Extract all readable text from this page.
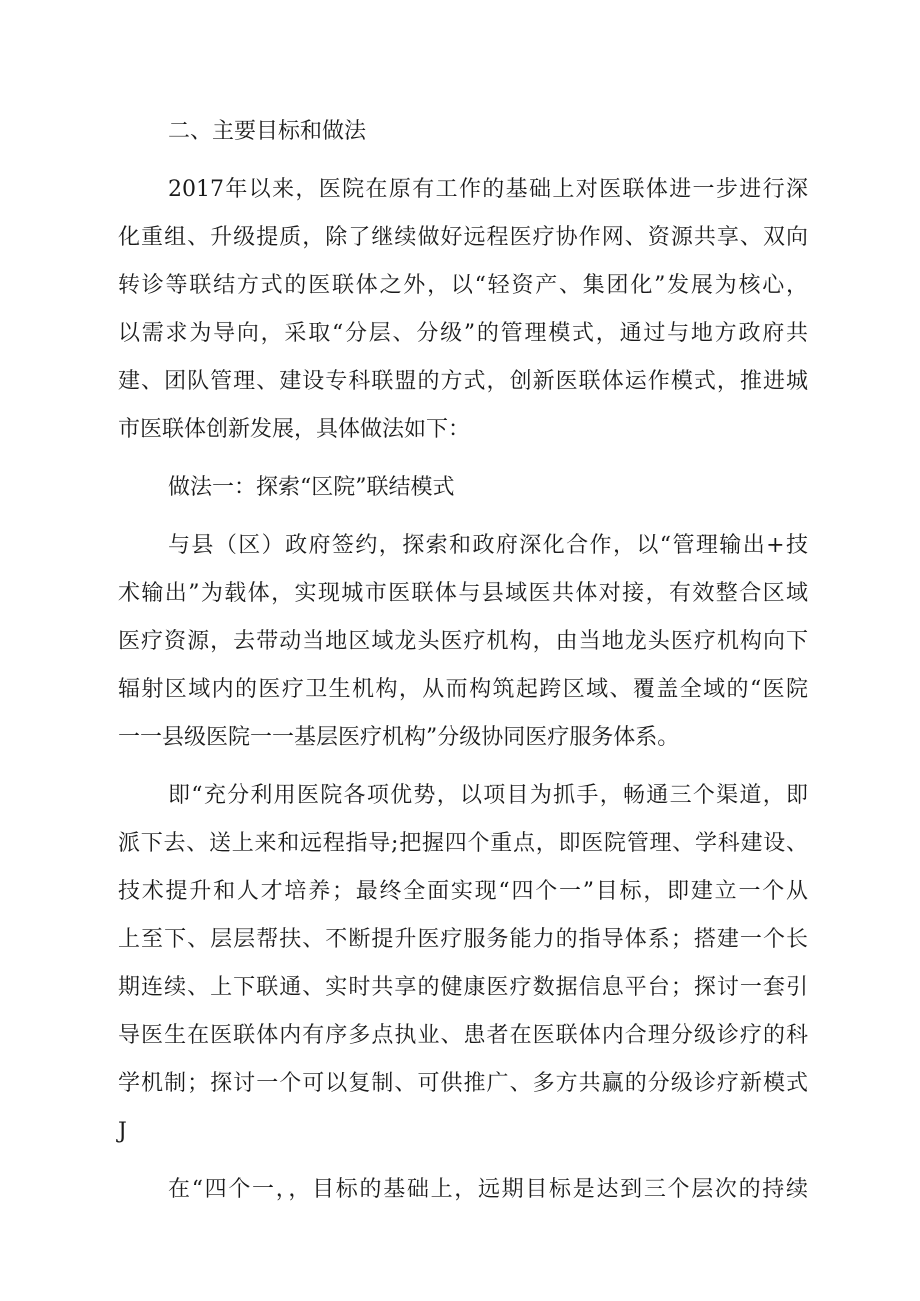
二、主要目标和做法
2017年以来，医院在原有工作的基础上对医联体进一步进行深
化重组、升级提质，除了继续做好远程医疗协作网、资源共享、双向
转诊等联结方式的医联体之外，以“轻资产、集团化”发展为核心，
以需求为导向，采取“分层、分级”的管理模式，通过与地方政府共
建、团队管理、建设专科联盟的方式，创新医联体运作模式，推进城
市医联体创新发展，具体做法如下：
做法一：探索“区院”联结模式
与县（区）政府签约，探索和政府深化合作，以“管理输出+技
术输出”为载体，实现城市医联体与县域医共体对接，有效整合区域
医疗资源，去带动当地区域龙头医疗机构，由当地龙头医疗机构向下
辐射区域内的医疗卫生机构，从而构筑起跨区域、覆盖全域的“医院
一一县级医院一一基层医疗机构”分级协同医疗服务体系。
即“充分利用医院各项优势，以项目为抓手，畅通三个渠道，即
派下去、送上来和远程指导;把握四个重点，即医院管理、学科建设、
技术提升和人才培养；最终全面实现“四个一”目标，即建立一个从
上至下、层层帮扶、不断提升医疗服务能力的指导体系；搭建一个长
期连续、上下联通、实时共享的健康医疗数据信息平台；探讨一套引
导医生在医联体内有序多点执业、患者在医联体内合理分级诊疗的科
学机制；探讨一个可以复制、可供推广、多方共赢的分级诊疗新模式
J
在“四个一，，目标的基础上，远期目标是达到三个层次的持续
